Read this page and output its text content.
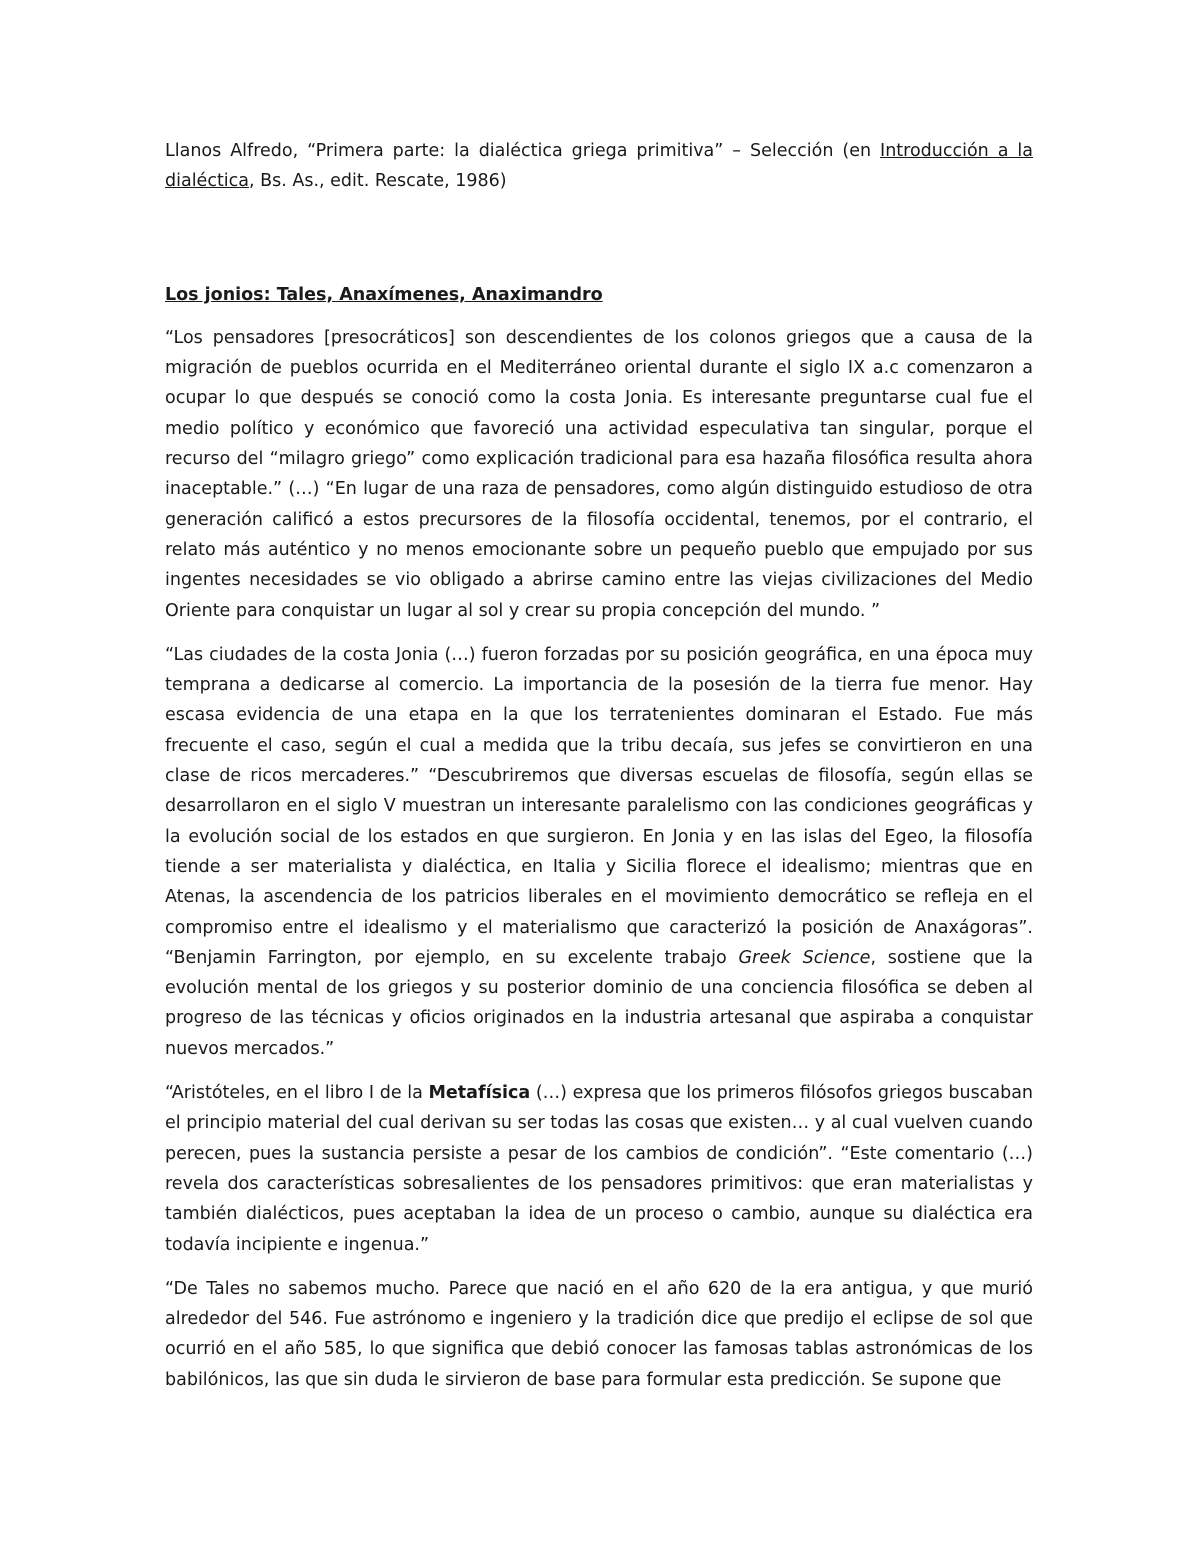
Llanos Alfredo, “Primera parte: la dialéctica griega primitiva” – Selección (en Introducción a la dialéctica, Bs. As., edit. Rescate, 1986)

Los jonios: Tales, Anaxímenes, Anaximandro

“Los pensadores [presocráticos] son descendientes de los colonos griegos que a causa de la migración de pueblos ocurrida en el Mediterráneo oriental durante el siglo IX a.c comenzaron a ocupar lo que después se conoció como la costa Jonia. Es interesante preguntarse cual fue el medio político y económico que favoreció una actividad especulativa tan singular, porque el recurso del “milagro griego” como explicación tradicional para esa hazaña filosófica resulta ahora inaceptable.” (…) “En lugar de una raza de pensadores, como algún distinguido estudioso de otra generación calificó a estos precursores de la filosofía occidental, tenemos, por el contrario, el relato más auténtico y no menos emocionante sobre un pequeño pueblo que empujado por sus ingentes necesidades se vio obligado a abrirse camino entre las viejas civilizaciones del Medio Oriente para conquistar un lugar al sol y crear su propia concepción del mundo. ”

“Las ciudades de la costa Jonia (…) fueron forzadas por su posición geográfica, en una época muy temprana a dedicarse al comercio. La importancia de la posesión de la tierra fue menor. Hay escasa evidencia de una etapa en la que los terratenientes dominaran el Estado. Fue más frecuente el caso, según el cual a medida que la tribu decaía, sus jefes se convirtieron en una clase de ricos mercaderes.” “Descubriremos que diversas escuelas de filosofía, según ellas se desarrollaron en el siglo V muestran un interesante paralelismo con las condiciones geográficas y la evolución social de los estados en que surgieron. En Jonia y en las islas del Egeo, la filosofía tiende a ser materialista y dialéctica, en Italia y Sicilia florece el idealismo; mientras que en Atenas, la ascendencia de los patricios liberales en el movimiento democrático se refleja en el compromiso entre el idealismo y el materialismo que caracterizó la posición de Anaxágoras”. “Benjamin Farrington, por ejemplo, en su excelente trabajo Greek Science, sostiene que la evolución mental de los griegos y su posterior dominio de una conciencia filosófica se deben al progreso de las técnicas y oficios originados en la industria artesanal que aspiraba a conquistar nuevos mercados.”

“Aristóteles, en el libro I de la Metafísica (…) expresa que los primeros filósofos griegos buscaban el principio material del cual derivan su ser todas las cosas que existen… y al cual vuelven cuando perecen, pues la sustancia persiste a pesar de los cambios de condición”. “Este comentario (…) revela dos características sobresalientes de los pensadores primitivos: que eran materialistas y también dialécticos, pues aceptaban la idea de un proceso o cambio, aunque su dialéctica era todavía incipiente e ingenua.”

“De Tales no sabemos mucho. Parece que nació en el año 620 de la era antigua, y que murió alrededor del 546. Fue astrónomo e ingeniero y la tradición dice que predijo el eclipse de sol que ocurrió en el año 585, lo que significa que debió conocer las famosas tablas astronómicas de los babilónicos, las que sin duda le sirvieron de base para formular esta predicción. Se supone que
